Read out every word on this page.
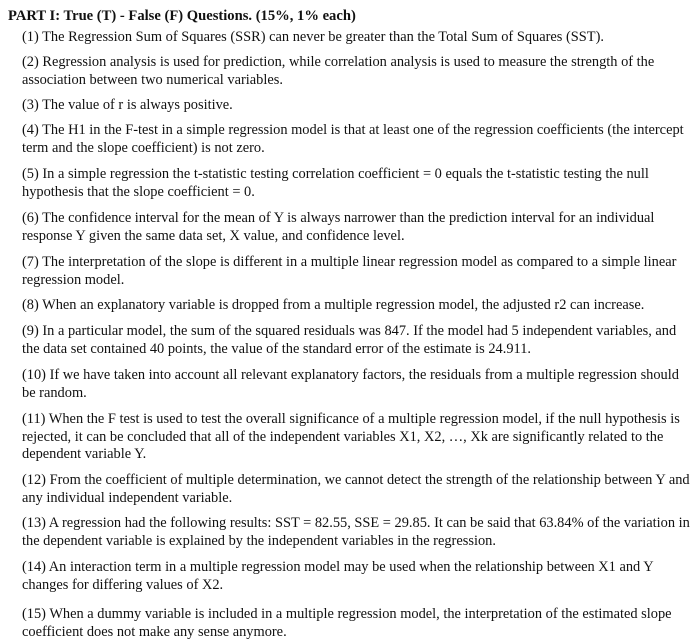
PART I: True (T) - False (F) Questions. (15%, 1% each)
(1) The Regression Sum of Squares (SSR) can never be greater than the Total Sum of Squares (SST).
(2) Regression analysis is used for prediction, while correlation analysis is used to measure the strength of the association between two numerical variables.
(3) The value of r is always positive.
(4) The H1 in the F-test in a simple regression model is that at least one of the regression coefficients (the intercept term and the slope coefficient) is not zero.
(5) In a simple regression the t-statistic testing correlation coefficient = 0 equals the t-statistic testing the null hypothesis that the slope coefficient = 0.
(6) The confidence interval for the mean of Y is always narrower than the prediction interval for an individual response Y given the same data set, X value, and confidence level.
(7) The interpretation of the slope is different in a multiple linear regression model as compared to a simple linear regression model.
(8) When an explanatory variable is dropped from a multiple regression model, the adjusted r2 can increase.
(9) In a particular model, the sum of the squared residuals was 847. If the model had 5 independent variables, and the data set contained 40 points, the value of the standard error of the estimate is 24.911.
(10) If we have taken into account all relevant explanatory factors, the residuals from a multiple regression should be random.
(11) When the F test is used to test the overall significance of a multiple regression model, if the null hypothesis is rejected, it can be concluded that all of the independent variables X1, X2, …, Xk are significantly related to the dependent variable Y.
(12) From the coefficient of multiple determination, we cannot detect the strength of the relationship between Y and any individual independent variable.
(13) A regression had the following results: SST = 82.55, SSE = 29.85. It can be said that 63.84% of the variation in the dependent variable is explained by the independent variables in the regression.
(14) An interaction term in a multiple regression model may be used when the relationship between X1 and Y changes for differing values of X2.
(15) When a dummy variable is included in a multiple regression model, the interpretation of the estimated slope coefficient does not make any sense anymore.
